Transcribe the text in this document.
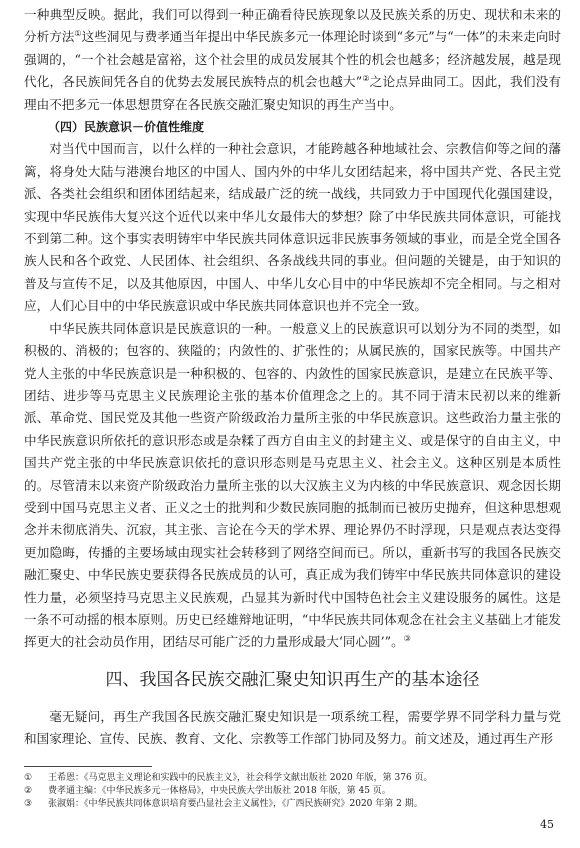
一种典型反映。据此，我们可以得到一种正确看待民族现象以及民族关系的历史、现状和未来的分析方法①这些洞见与费孝通当年提出中华民族多元一体理论时谈到“多元”与“一体”的未来走向时强调的，“一个社会越是富裕，这个社会里的成员发展其个性的机会也越多；经济越发展，越是现代化，各民族间凭各自的优势去发展民族特点的机会也越大”②之论点异曲同工。因此，我们没有理由不把多元一体思想贯穿在各民族交融汇聚史知识的再生产当中。

（四）民族意识－价值性维度

对当代中国而言，以什么样的一种社会意识，才能跨越各种地域社会、宗教信仰等之间的藩篱，将身处大陆与港澳台地区的中国人、国内外的中华儿女团结起来，将中国共产党、各民主党派、各类社会组织和团体团结起来，结成最广泛的统一战线，共同致力于中国现代化强国建设，实现中华民族伟大复兴这个近代以来中华儿女最伟大的梦想？除了中华民族共同体意识，可能找不到第二种。这个事实表明铸牢中华民族共同体意识远非民族事务领域的事业，而是全党全国各族人民和各个政党、人民团体、社会组织、各条战线共同的事业。但问题的关键是，由于知识的普及与宣传不足，以及其他原因，中国人、中华儿女心目中的中华民族却不完全相同。与之相对应，人们心目中的中华民族意识或中华民族共同体意识也并不完全一致。

中华民族共同体意识是民族意识的一种。一般意义上的民族意识可以划分为不同的类型，如积极的、消极的；包容的、狭隘的；内敛性的、扩张性的；从属民族的，国家民族等。中国共产党人主张的中华民族意识是一种积极的、包容的、内敛性的国家民族意识，是建立在民族平等、团结、进步等马克思主义民族理论主张的基本价值理念之上的。其不同于清末民初以来的维新派、革命党、国民党及其他一些资产阶级政治力量所主张的中华民族意识。这些政治力量主张的中华民族意识所依托的意识形态或是杂糅了西方自由主义的封建主义、或是保守的自由主义，中国共产党主张的中华民族意识依托的意识形态则是马克思主义、社会主义。这种区别是本质性的。尽管清末以来资产阶级政治力量所主张的以大汉族主义为内核的中华民族意识、观念因长期受到中国马克思主义者、正义之士的批判和少数民族同胞的抵制而已被历史抛弃，但这种思想观念并未彻底消失、沉寂，其主张、言论在今天的学术界、理论界仍不时浮现，只是观点表达变得更加隐晦，传播的主要场域由现实社会转移到了网络空间而已。所以，重新书写的我国各民族交融汇聚史、中华民族史要获得各民族成员的认可，真正成为我们铸牢中华民族共同体意识的建设性力量，必须坚持马克思主义民族观，凸显其为新时代中国特色社会主义建设服务的属性。这是一条不可动摇的根本原则。历史已经雄辩地证明，“中华民族共同体观念在社会主义基础上才能发挥更大的社会动员作用，团结尽可能广泛的力量形成最大‘同心圆’”。③

四、我国各民族交融汇聚史知识再生产的基本途径

毫无疑问，再生产我国各民族交融汇聚史知识是一项系统工程，需要学界不同学科力量与党和国家理论、宣传、民族、教育、文化、宗教等工作部门协同及努力。前文述及，通过再生产形

①	王希恩：《马克思主义理论和实践中的民族主义》，社会科学文献出版社 2020 年版，第 376 页。
②	费孝通主编：《中华民族多元一体格局》，中央民族大学出版社 2018 年版，第 45 页。
③	张淑娟：《中华民族共同体意识培育要凸显社会主义属性》，《广西民族研究》2020 年第 2 期。
45
